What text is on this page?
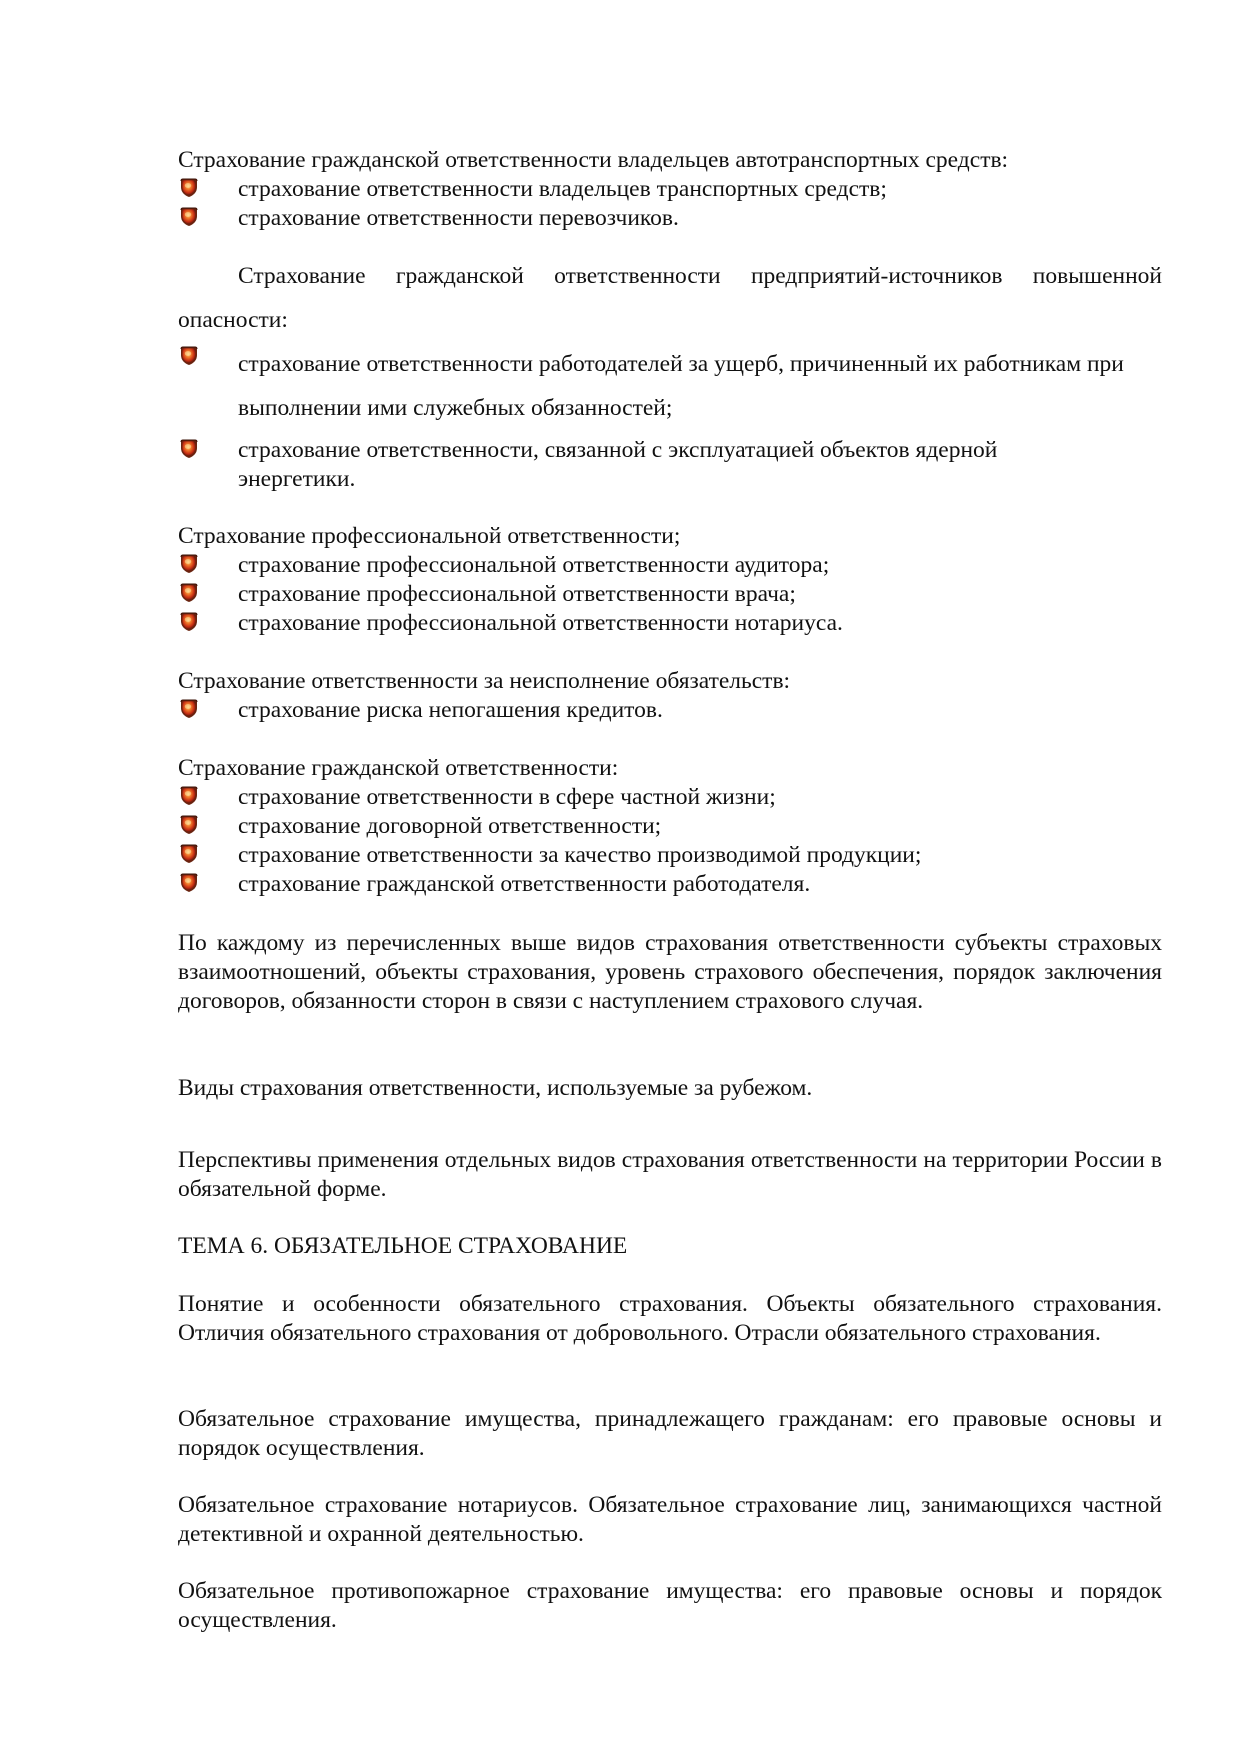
Страхование гражданской ответственности владельцев автотранспортных средств:

страхование ответственности владельцев транспортных средств;
страхование ответственности перевозчиков.

Страхование гражданской ответственности предприятий-источников повышенной опасности:

страхование ответственности работодателей за ущерб, причиненный их работникам при выполнении ими служебных обязанностей;
страхование ответственности, связанной с эксплуатацией объектов ядерной энергетики.

Страхование профессиональной ответственности;

страхование профессиональной ответственности аудитора;
страхование профессиональной ответственности врача;
страхование профессиональной ответственности нотариуса.

Страхование ответственности за неисполнение обязательств:

страхование риска непогашения кредитов.

Страхование гражданской ответственности:

страхование ответственности в сфере частной жизни;
страхование договорной ответственности;
страхование ответственности за качество производимой продукции;
страхование гражданской ответственности работодателя.

По каждому из перечисленных выше видов страхования ответственности субъекты страховых взаимоотношений, объекты страхования, уровень страхового обеспечения, порядок заключения договоров, обязанности сторон в связи с наступлением страхового случая.

Виды страхования ответственности, используемые за рубежом.

Перспективы применения отдельных видов страхования ответственности на территории России в обязательной форме.

ТЕМА 6. ОБЯЗАТЕЛЬНОЕ СТРАХОВАНИЕ

Понятие и особенности обязательного страхования. Объекты обязательного страхования. Отличия обязательного страхования от добровольного. Отрасли обязательного страхования.

Обязательное страхование имущества, принадлежащего гражданам: его правовые основы и порядок осуществления.

Обязательное страхование нотариусов. Обязательное страхование лиц, занимающихся частной детективной и охранной деятельностью.

Обязательное противопожарное страхование имущества: его правовые основы и порядок осуществления.
